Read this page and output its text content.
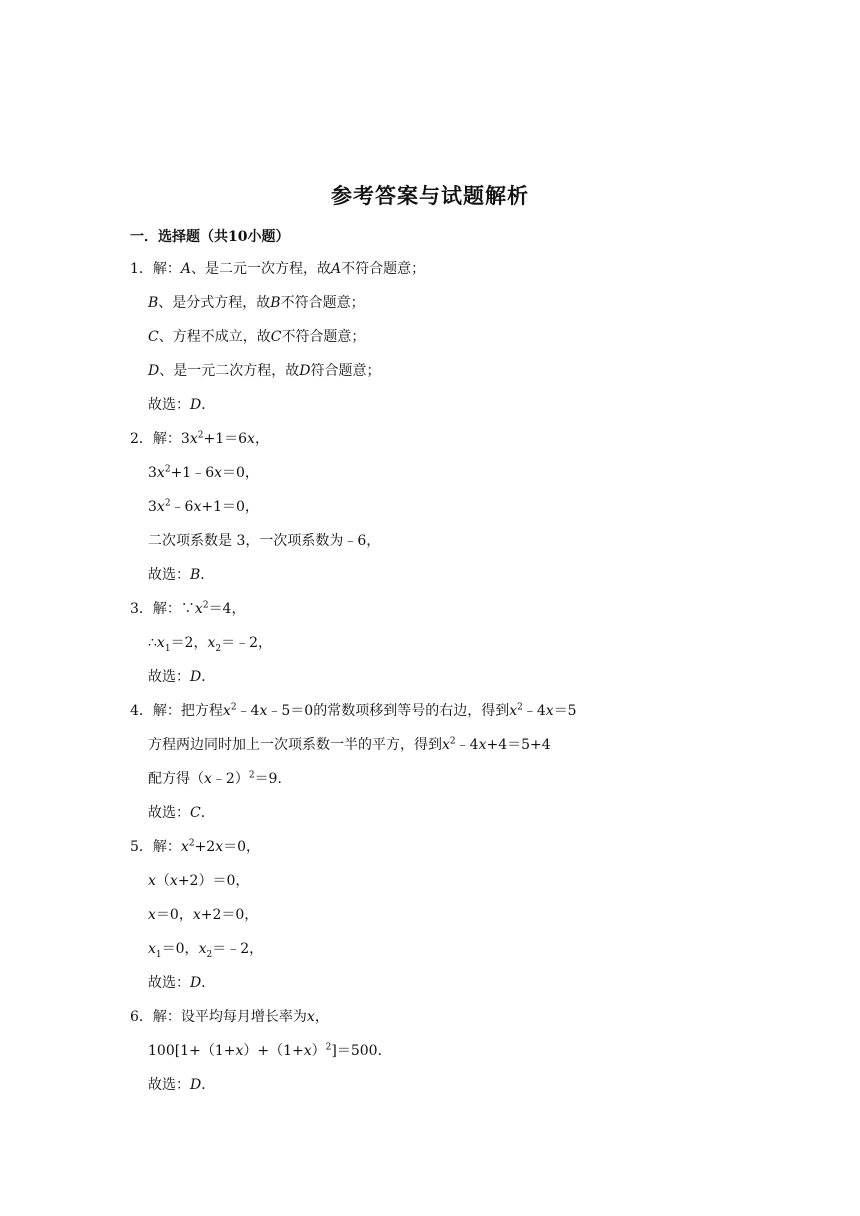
参考答案与试题解析
一．选择题（共10小题）
1．解：A、是二元一次方程，故A不符合题意；
B、是分式方程，故B不符合题意；
C、方程不成立，故C不符合题意；
D、是一元二次方程，故D符合题意；
故选：D．
2．解：$3x^2+1=6x$，
$3x^2+1﹣6x=0$，
$3x^2﹣6x+1=0$，
二次项系数是 3，一次项系数为﹣6，
故选：B．
3．解：$\because x^2=4$，
$\therefore x_1=2$，$x_2=﹣2$，
故选：D．
4．解：把方程$x^2﹣4x﹣5=0$的常数项移到等号的右边，得到$x^2﹣4x=5$
方程两边同时加上一次项系数一半的平方，得到$x^2﹣4x+4=5+4$
配方得（x﹣2）$^2$＝9．
故选：C．
5．解：$x^2+2x=0$，
x（x+2）＝0，
x＝0，x+2＝0，
$x_1=0$，$x_2=﹣2$，
故选：D．
6．解：设平均每月增长率为x，
$100[1+(1+x)+(1+x)^2]=500$．
故选：D．
